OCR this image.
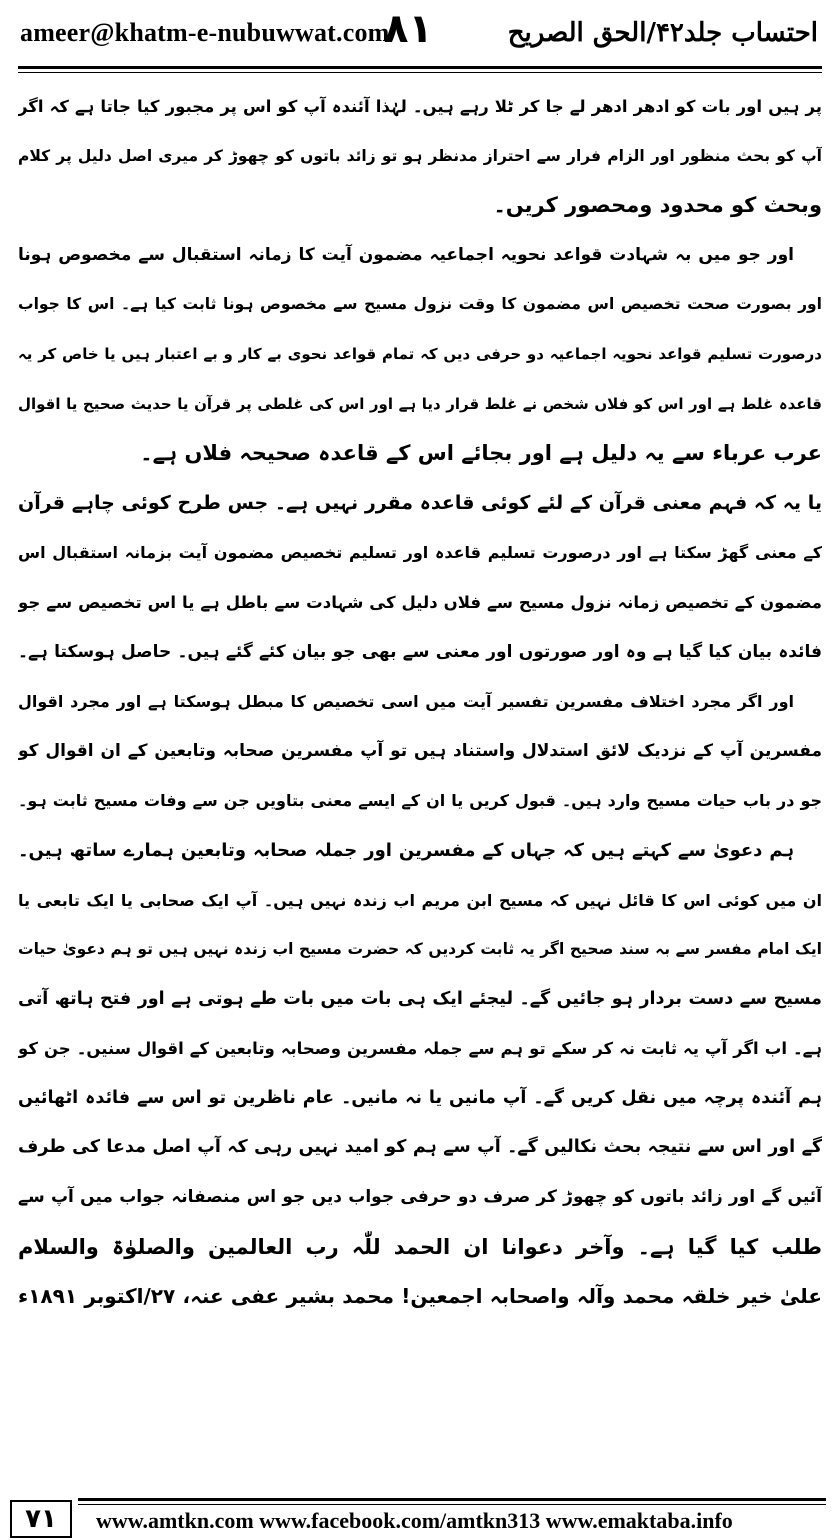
ameer@khatm-e-nubuwwat.com
۸۱	احتساب جلد۴۲/الحق الصریح
پر ہیں اور بات کو ادھر ادھر لے جا کر ٹلا رہے ہیں۔ لہٰذا آئندہ آپ کو اس پر مجبور کیا جاتا ہے کہ اگر
آپ کو بحث منظور اور الزام فرار سے احتراز مدنظر ہو تو زائد باتوں کو چھوڑ کر میری اصل دلیل پر کلام
وبحث کو محدود ومحصور کریں۔
اور جو میں بہ شہادت قواعد نحویہ اجماعیہ مضمون آیت کا زمانہ استقبال سے مخصوص ہونا
اور بصورت صحت تخصیص اس مضمون کا وقت نزول مسیح سے مخصوص ہونا ثابت کیا ہے۔ اس کا جواب
درصورت تسلیم قواعد نحویہ اجماعیہ دو حرفی دیں کہ تمام قواعد نحوی بے کار و بے اعتبار ہیں یا خاص کر یہ
قاعدہ غلط ہے اور اس کو فلاں شخص نے غلط قرار دیا ہے اور اس کی غلطی پر قرآن یا حدیث صحیح یا اقوال
عرب عرباء سے یہ دلیل ہے اور بجائے اس کے قاعدہ صحیحہ فلاں ہے۔
یا یہ کہ فہم معنی قرآن کے لئے کوئی قاعدہ مقرر نہیں ہے۔ جس طرح کوئی چاہے قرآن
کے معنی گھڑ سکتا ہے اور درصورت تسلیم قاعدہ اور تسلیم تخصیص مضمون آیت بزمانہ استقبال اس
مضمون کے تخصیص زمانہ نزول مسیح سے فلاں دلیل کی شہادت سے باطل ہے یا اس تخصیص سے جو
فائدہ بیان کیا گیا ہے وہ اور صورتوں اور معنی سے بھی جو بیان کئے گئے ہیں۔ حاصل ہوسکتا ہے۔
اور اگر مجرد اختلاف مفسرین تفسیر آیت میں اسی تخصیص کا مبطل ہوسکتا ہے اور مجرد اقوال
مفسرین آپ کے نزدیک لائق استدلال واستناد ہیں تو آپ مفسرین صحابہ وتابعین کے ان اقوال کو
جو در باب حیات مسیح وارد ہیں۔ قبول کریں یا ان کے ایسے معنی بتاویں جن سے وفات مسیح ثابت ہو۔
ہم دعویٰ سے کہتے ہیں کہ جہاں کے مفسرین اور جملہ صحابہ وتابعین ہمارے ساتھ ہیں۔
ان میں کوئی اس کا قائل نہیں کہ مسیح ابن مریم اب زندہ نہیں ہیں۔ آپ ایک صحابی یا ایک تابعی یا
ایک امام مفسر سے بہ سند صحیح اگر یہ ثابت کردیں کہ حضرت مسیح اب زندہ نہیں ہیں تو ہم دعویٰ حیات
مسیح سے دست بردار ہو جائیں گے۔ لیجئے ایک ہی بات میں بات طے ہوتی ہے اور فتح ہاتھ آتی
ہے۔ اب اگر آپ یہ ثابت نہ کر سکے تو ہم سے جملہ مفسرین وصحابہ وتابعین کے اقوال سنیں۔ جن کو
ہم آئندہ پرچہ میں نقل کریں گے۔ آپ مانیں یا نہ مانیں۔ عام ناظرین تو اس سے فائدہ اٹھائیں
گے اور اس سے نتیجہ بحث نکالیں گے۔ آپ سے ہم کو امید نہیں رہی کہ آپ اصل مدعا کی طرف
آئیں گے اور زائد باتوں کو چھوڑ کر صرف دو حرفی جواب دیں جو اس منصفانہ جواب میں آپ سے
طلب کیا گیا ہے۔ وآخر دعوانا ان الحمد للّٰہ رب العالمین والصلوٰۃ والسلام
علیٰ خیر خلقہ محمد وآلہ واصحابہ اجمعین! محمد بشیر عفی عنہ، ۲۷/اکتوبر ۱۸۹۱ء
۷۱	www.amtkn.com www.facebook.com/amtkn313 www.emaktaba.info
